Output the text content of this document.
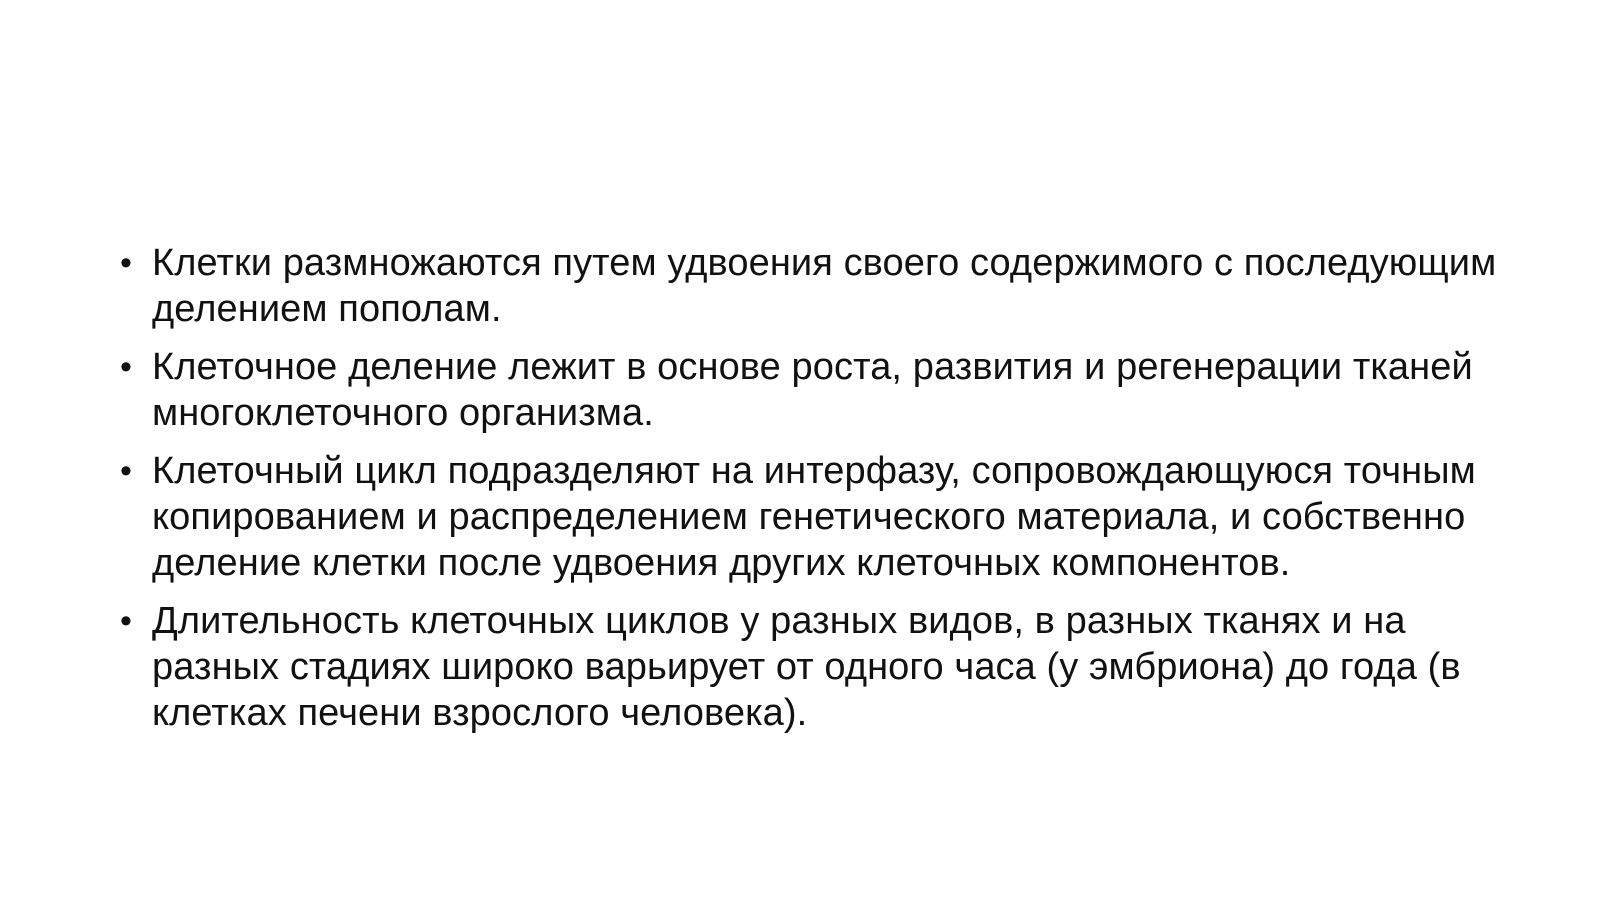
• Клетки размножаются путем удвоения своего содержимого с последующим делением пополам.
• Клеточное деление лежит в основе роста, развития и регенерации тканей многоклеточного организма.
• Клеточный цикл подразделяют на интерфазу, сопровождающуюся точным копированием и распределением генетического материала, и собственно деление клетки после удвоения других клеточных компонентов.
• Длительность клеточных циклов у разных видов, в разных тканях и на разных стадиях широко варьирует от одного часа (у эмбриона) до года (в клетках печени взрослого человека).
